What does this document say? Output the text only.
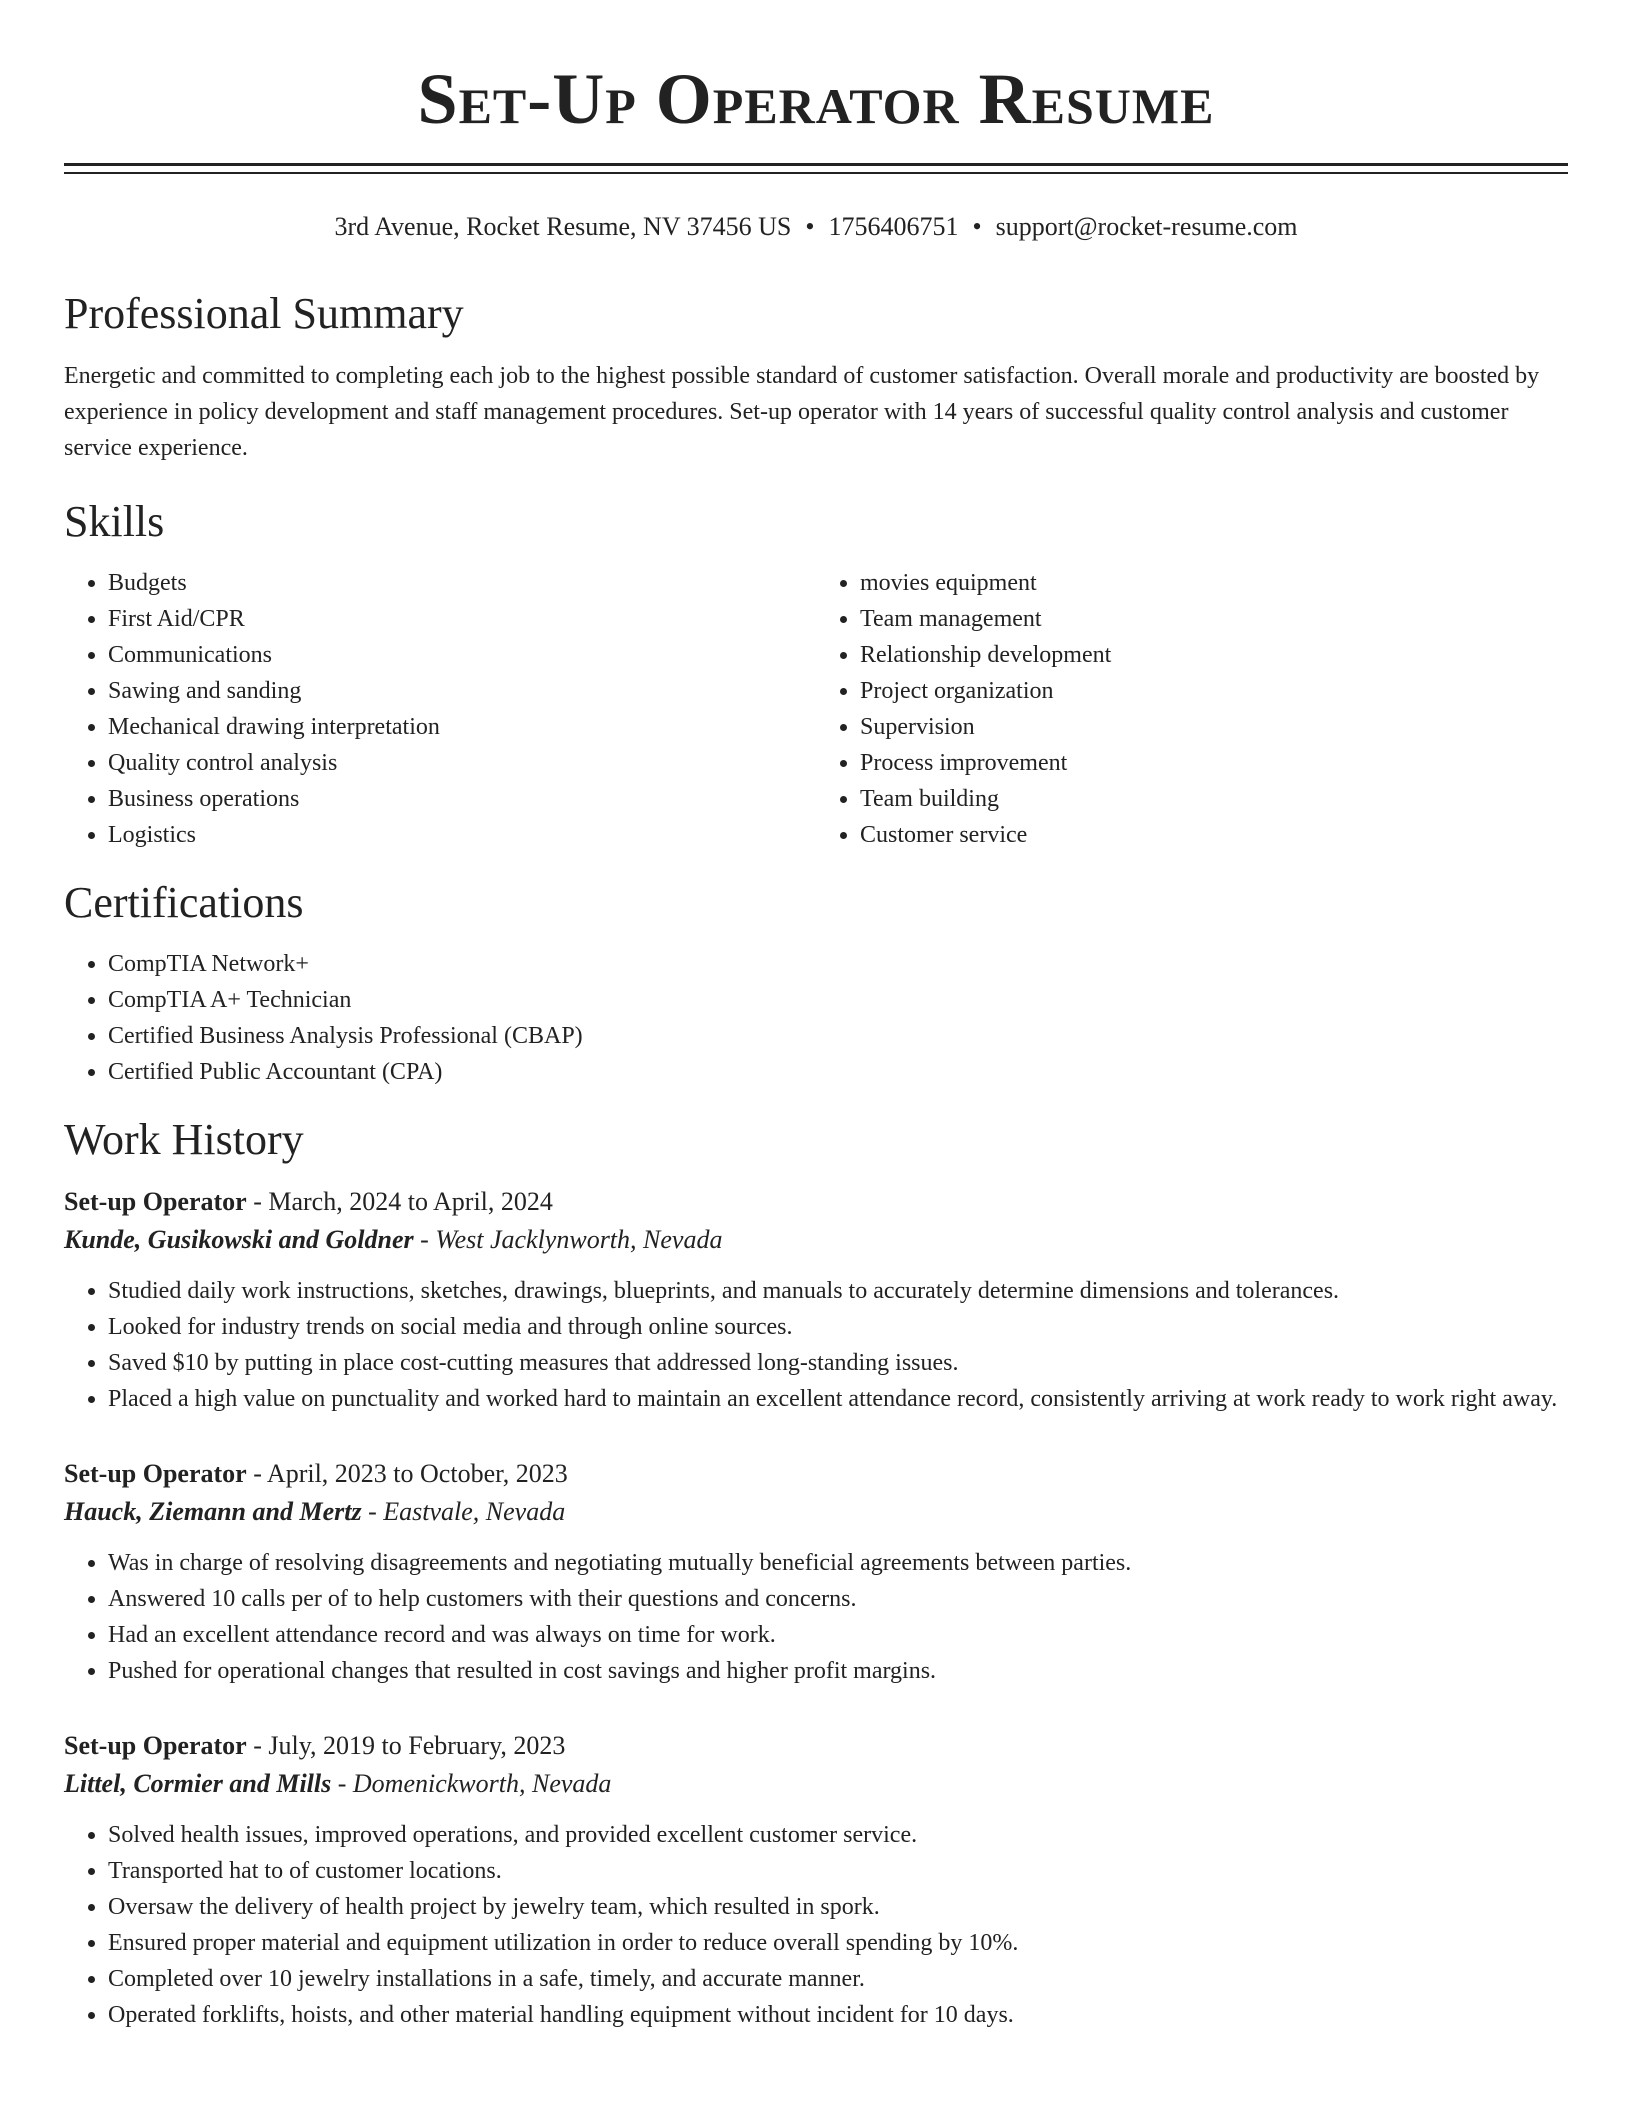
Set-Up Operator Resume
3rd Avenue, Rocket Resume, NV 37456 US • 1756406751 • support@rocket-resume.com
Professional Summary

Energetic and committed to completing each job to the highest possible standard of customer satisfaction. Overall morale and productivity are boosted by experience in policy development and staff management procedures. Set-up operator with 14 years of successful quality control analysis and customer service experience.

Skills
• Budgets
• First Aid/CPR
• Communications
• Sawing and sanding
• Mechanical drawing interpretation
• Quality control analysis
• Business operations
• Logistics
• movies equipment
• Team management
• Relationship development
• Project organization
• Supervision
• Process improvement
• Team building
• Customer service
Certifications
• CompTIA Network+
• CompTIA A+ Technician
• Certified Business Analysis Professional (CBAP)
• Certified Public Accountant (CPA)
Work History
Set-up Operator - March, 2024 to April, 2024
Kunde, Gusikowski and Goldner - West Jacklynworth, Nevada
• Studied daily work instructions, sketches, drawings, blueprints, and manuals to accurately determine dimensions and tolerances.
• Looked for industry trends on social media and through online sources.
• Saved $10 by putting in place cost-cutting measures that addressed long-standing issues.
• Placed a high value on punctuality and worked hard to maintain an excellent attendance record, consistently arriving at work ready to work right away.
Set-up Operator - April, 2023 to October, 2023
Hauck, Ziemann and Mertz - Eastvale, Nevada
• Was in charge of resolving disagreements and negotiating mutually beneficial agreements between parties.
• Answered 10 calls per of to help customers with their questions and concerns.
• Had an excellent attendance record and was always on time for work.
• Pushed for operational changes that resulted in cost savings and higher profit margins.
Set-up Operator - July, 2019 to February, 2023
Littel, Cormier and Mills - Domenickworth, Nevada
• Solved health issues, improved operations, and provided excellent customer service.
• Transported hat to of customer locations.
• Oversaw the delivery of health project by jewelry team, which resulted in spork.
• Ensured proper material and equipment utilization in order to reduce overall spending by 10%.
• Completed over 10 jewelry installations in a safe, timely, and accurate manner.
• Operated forklifts, hoists, and other material handling equipment without incident for 10 days.
